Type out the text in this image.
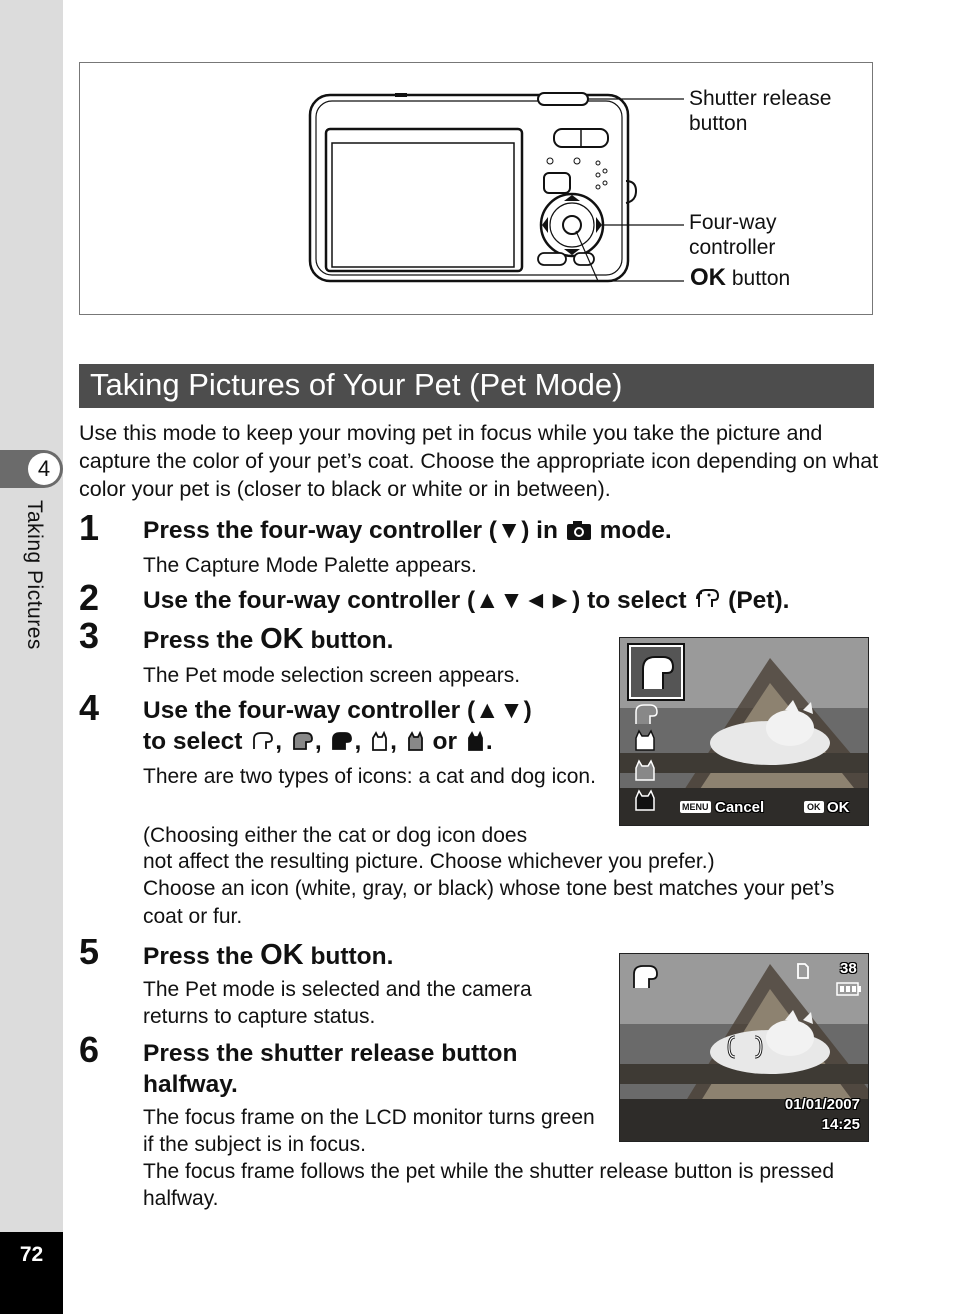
4
Taking Pictures
72
Shutter release button
Four-way controller
OK button
Taking Pictures of Your Pet (Pet Mode)
Use this mode to keep your moving pet in focus while you take the picture and capture the color of your pet’s coat. Choose the appropriate icon depending on what color your pet is (closer to black or white or in between).
1 Press the four-way controller (▼) in mode.
The Capture Mode Palette appears.
2 Use the four-way controller (▲▼◄►) to select (Pet).
3 Press the OK button.
The Pet mode selection screen appears.
4 Use the four-way controller (▲▼)
to select , , , , or .
There are two types of icons: a cat and dog icon.
(Choosing either the cat or dog icon does
not affect the resulting picture. Choose whichever you prefer.)
Choose an icon (white, gray, or black) whose tone best matches your pet’s coat or fur.
MENU Cancel	OK OK
5 Press the OK button.
The Pet mode is selected and the camera returns to capture status.
6 Press the shutter release button halfway.
The focus frame on the LCD monitor turns green if the subject is in focus.
The focus frame follows the pet while the shutter release button is pressed halfway.
38
01/01/2007
14:25
